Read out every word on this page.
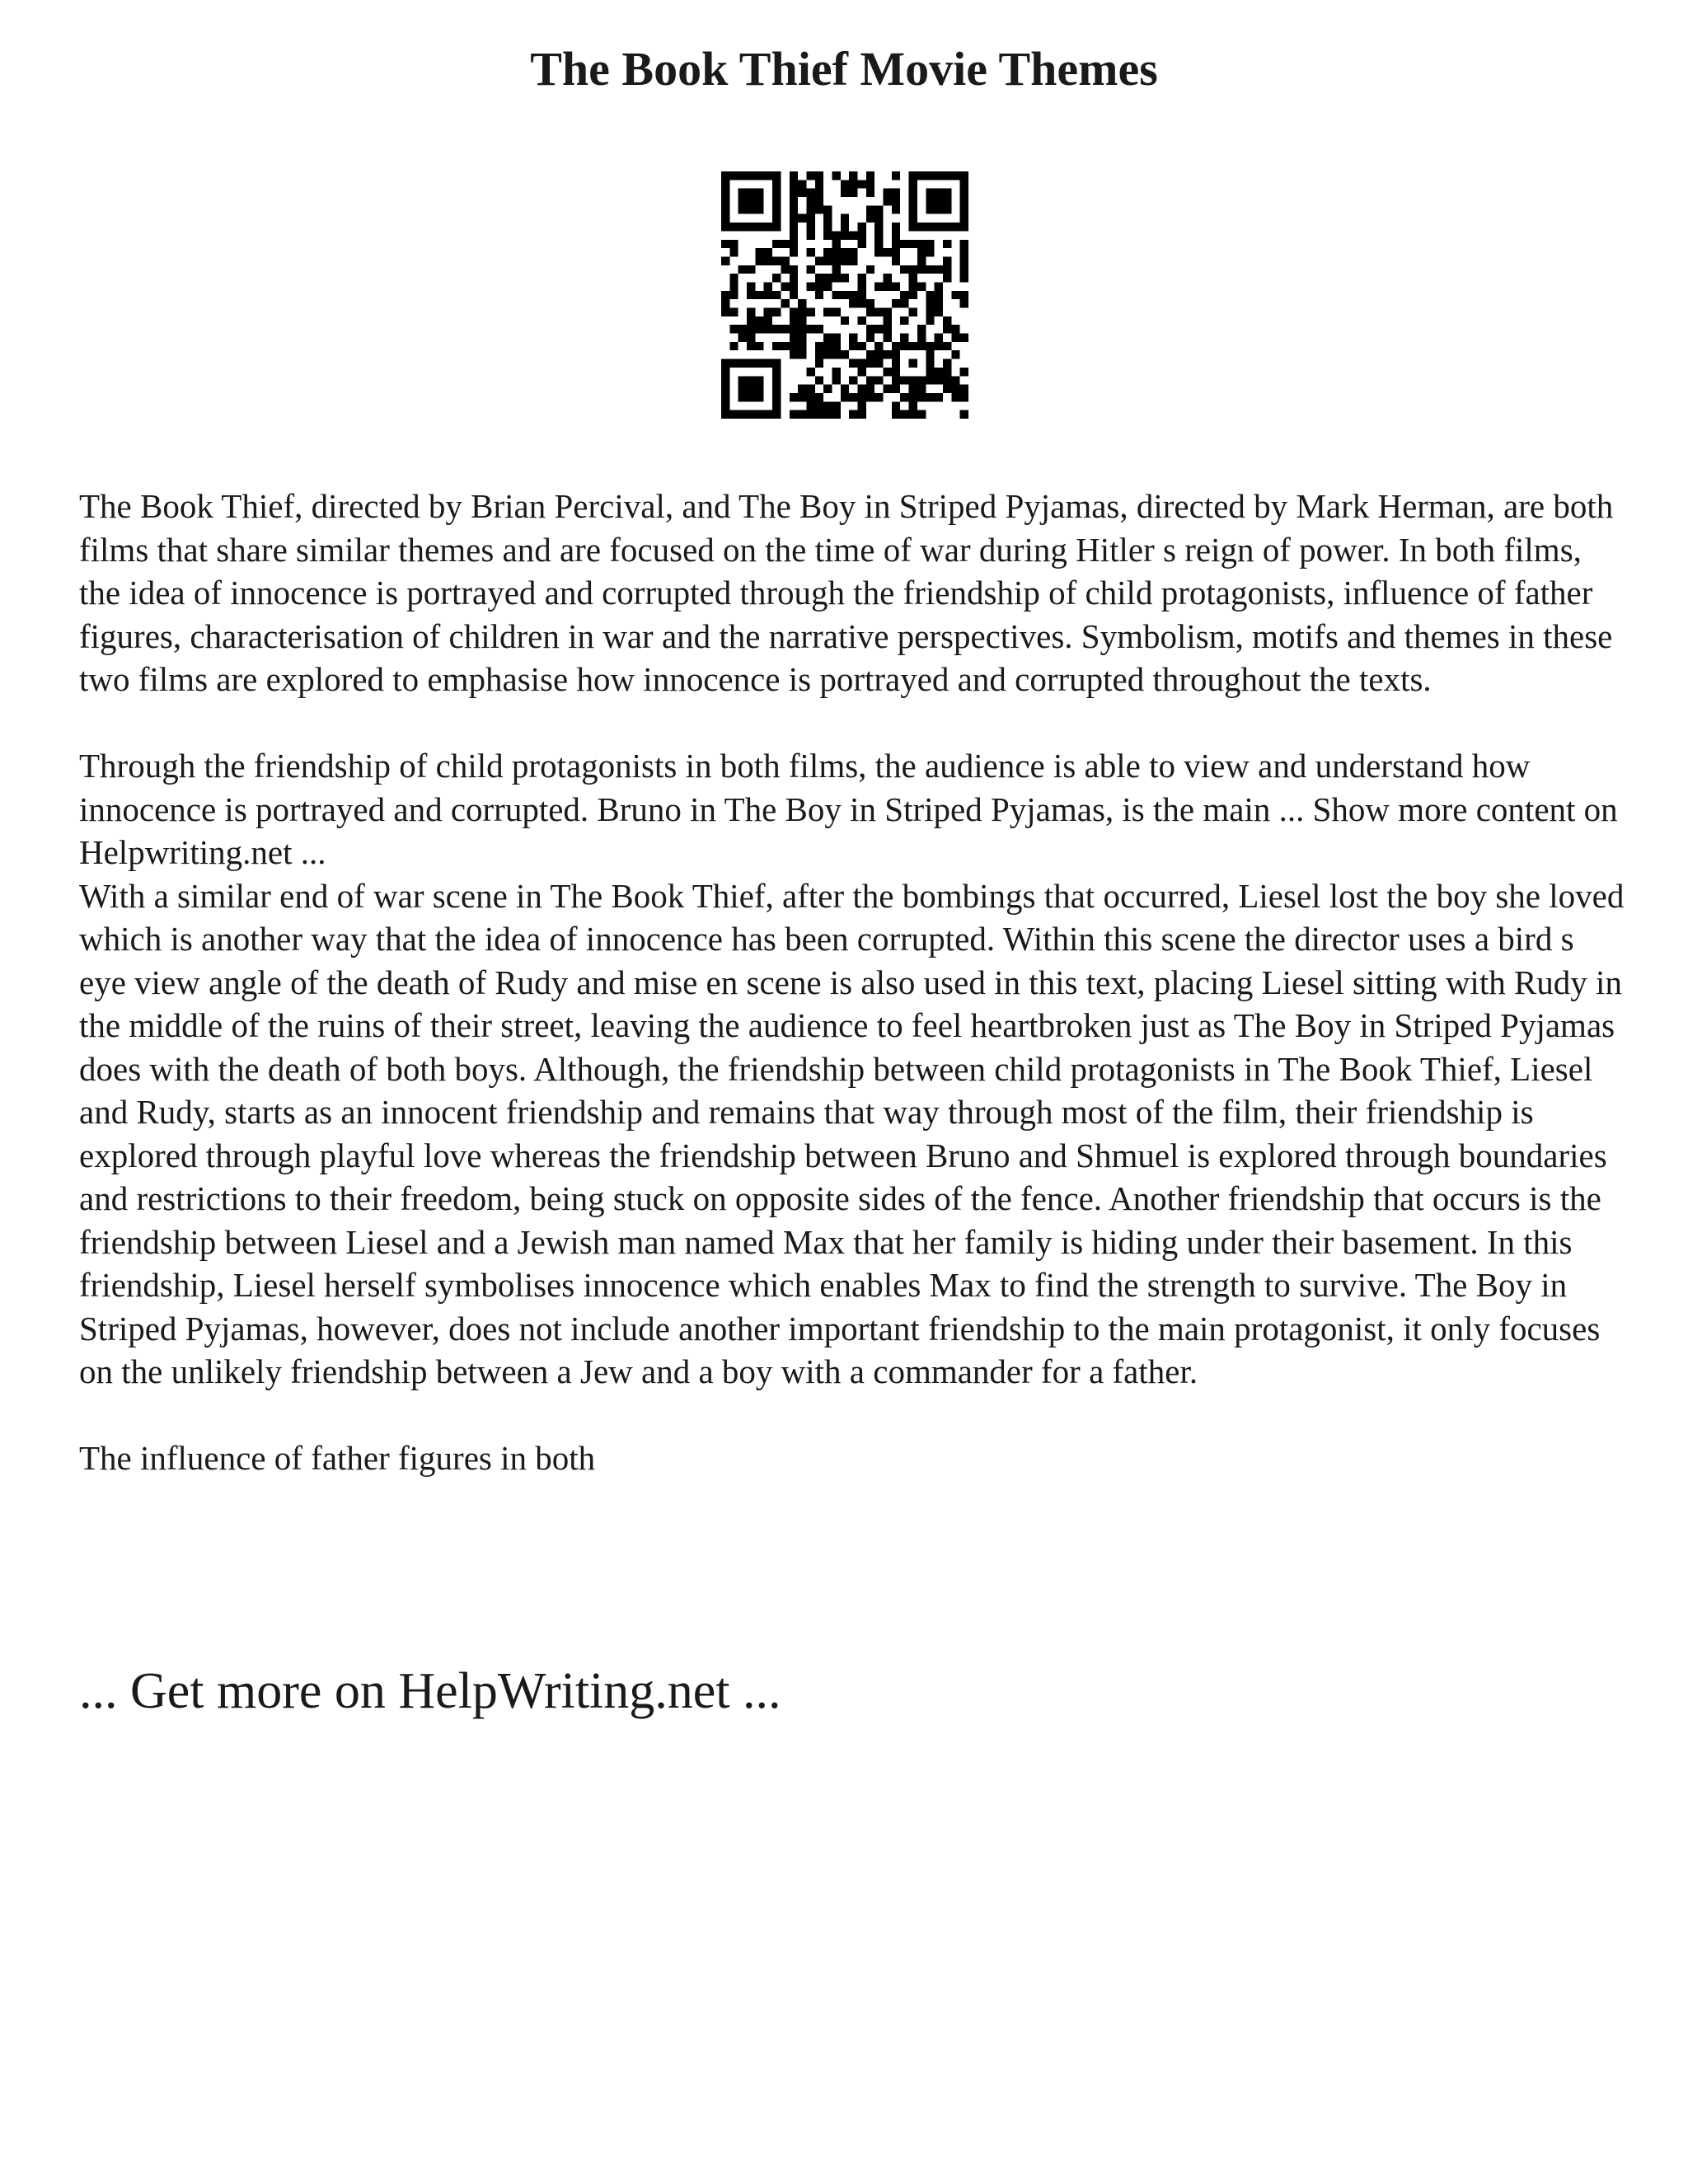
The Book Thief Movie Themes

The Book Thief, directed by Brian Percival, and The Boy in Striped Pyjamas, directed by Mark Herman, are both films that share similar themes and are focused on the time of war during Hitler s reign of power. In both films, the idea of innocence is portrayed and corrupted through the friendship of child protagonists, influence of father figures, characterisation of children in war and the narrative perspectives. Symbolism, motifs and themes in these two films are explored to emphasise how innocence is portrayed and corrupted throughout the texts.

Through the friendship of child protagonists in both films, the audience is able to view and understand how innocence is portrayed and corrupted. Bruno in The Boy in Striped Pyjamas, is the main ... Show more content on Helpwriting.net ...

With a similar end of war scene in The Book Thief, after the bombings that occurred, Liesel lost the boy she loved which is another way that the idea of innocence has been corrupted. Within this scene the director uses a bird s eye view angle of the death of Rudy and mise en scene is also used in this text, placing Liesel sitting with Rudy in the middle of the ruins of their street, leaving the audience to feel heartbroken just as The Boy in Striped Pyjamas does with the death of both boys. Although, the friendship between child protagonists in The Book Thief, Liesel and Rudy, starts as an innocent friendship and remains that way through most of the film, their friendship is explored through playful love whereas the friendship between Bruno and Shmuel is explored through boundaries and restrictions to their freedom, being stuck on opposite sides of the fence. Another friendship that occurs is the friendship between Liesel and a Jewish man named Max that her family is hiding under their basement. In this friendship, Liesel herself symbolises innocence which enables Max to find the strength to survive. The Boy in Striped Pyjamas, however, does not include another important friendship to the main protagonist, it only focuses on the unlikely friendship between a Jew and a boy with a commander for a father.

The influence of father figures in both

... Get more on HelpWriting.net ...
